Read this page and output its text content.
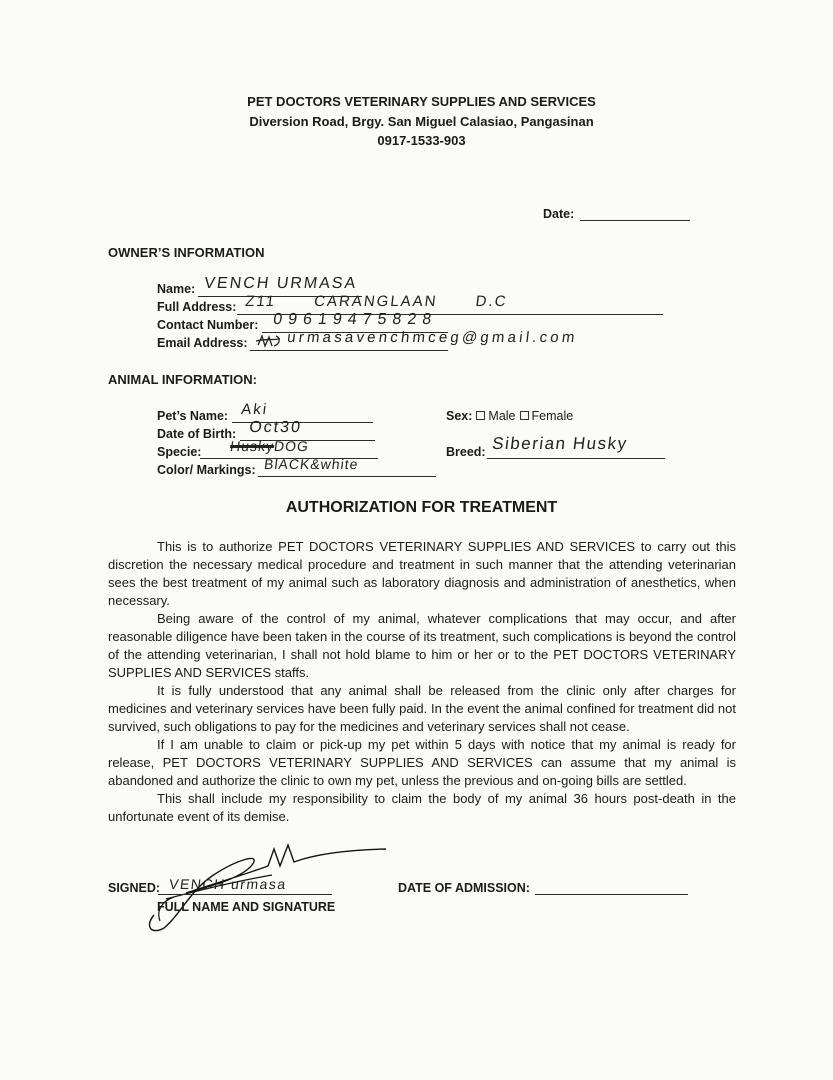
PET DOCTORS VETERINARY SUPPLIES AND SERVICES
Diversion Road, Brgy. San Miguel Calasiao, Pangasinan
0917-1533-903
Date:
OWNER’S INFORMATION
Name: VENCH URMASA
Full Address: Z11 CARANGLAAN D.C
Contact Number: 09619475828
Email Address:	urmasavenchmceg@gmail.com
ANIMAL INFORMATION:
Pet’s Name: Aki
Date of Birth: Oct30
Specie: HuskyDOG
Color/ Markings: BlACK&white
Sex: Male Female
Breed: Siberian Husky
AUTHORIZATION FOR TREATMENT

This is to authorize PET DOCTORS VETERINARY SUPPLIES AND SERVICES to carry out this discretion the necessary medical procedure and treatment in such manner that the attending veterinarian sees the best treatment of my animal such as laboratory diagnosis and administration of anesthetics, when necessary.

Being aware of the control of my animal, whatever complications that may occur, and after reasonable diligence have been taken in the course of its treatment, such complications is beyond the control of the attending veterinarian, I shall not hold blame to him or her or to the PET DOCTORS VETERINARY SUPPLIES AND SERVICES staffs.

It is fully understood that any animal shall be released from the clinic only after charges for medicines and veterinary services have been fully paid. In the event the animal confined for treatment did not survived, such obligations to pay for the medicines and veterinary services shall not cease.

If I am unable to claim or pick-up my pet within 5 days with notice that my animal is ready for release, PET DOCTORS VETERINARY SUPPLIES AND SERVICES can assume that my animal is abandoned and authorize the clinic to own my pet, unless the previous and on-going bills are settled.

This shall include my responsibility to claim the body of my animal 36 hours post-death in the unfortunate event of its demise.

SIGNED: VENCH urmasa
FULL NAME AND SIGNATURE
DATE OF ADMISSION:
